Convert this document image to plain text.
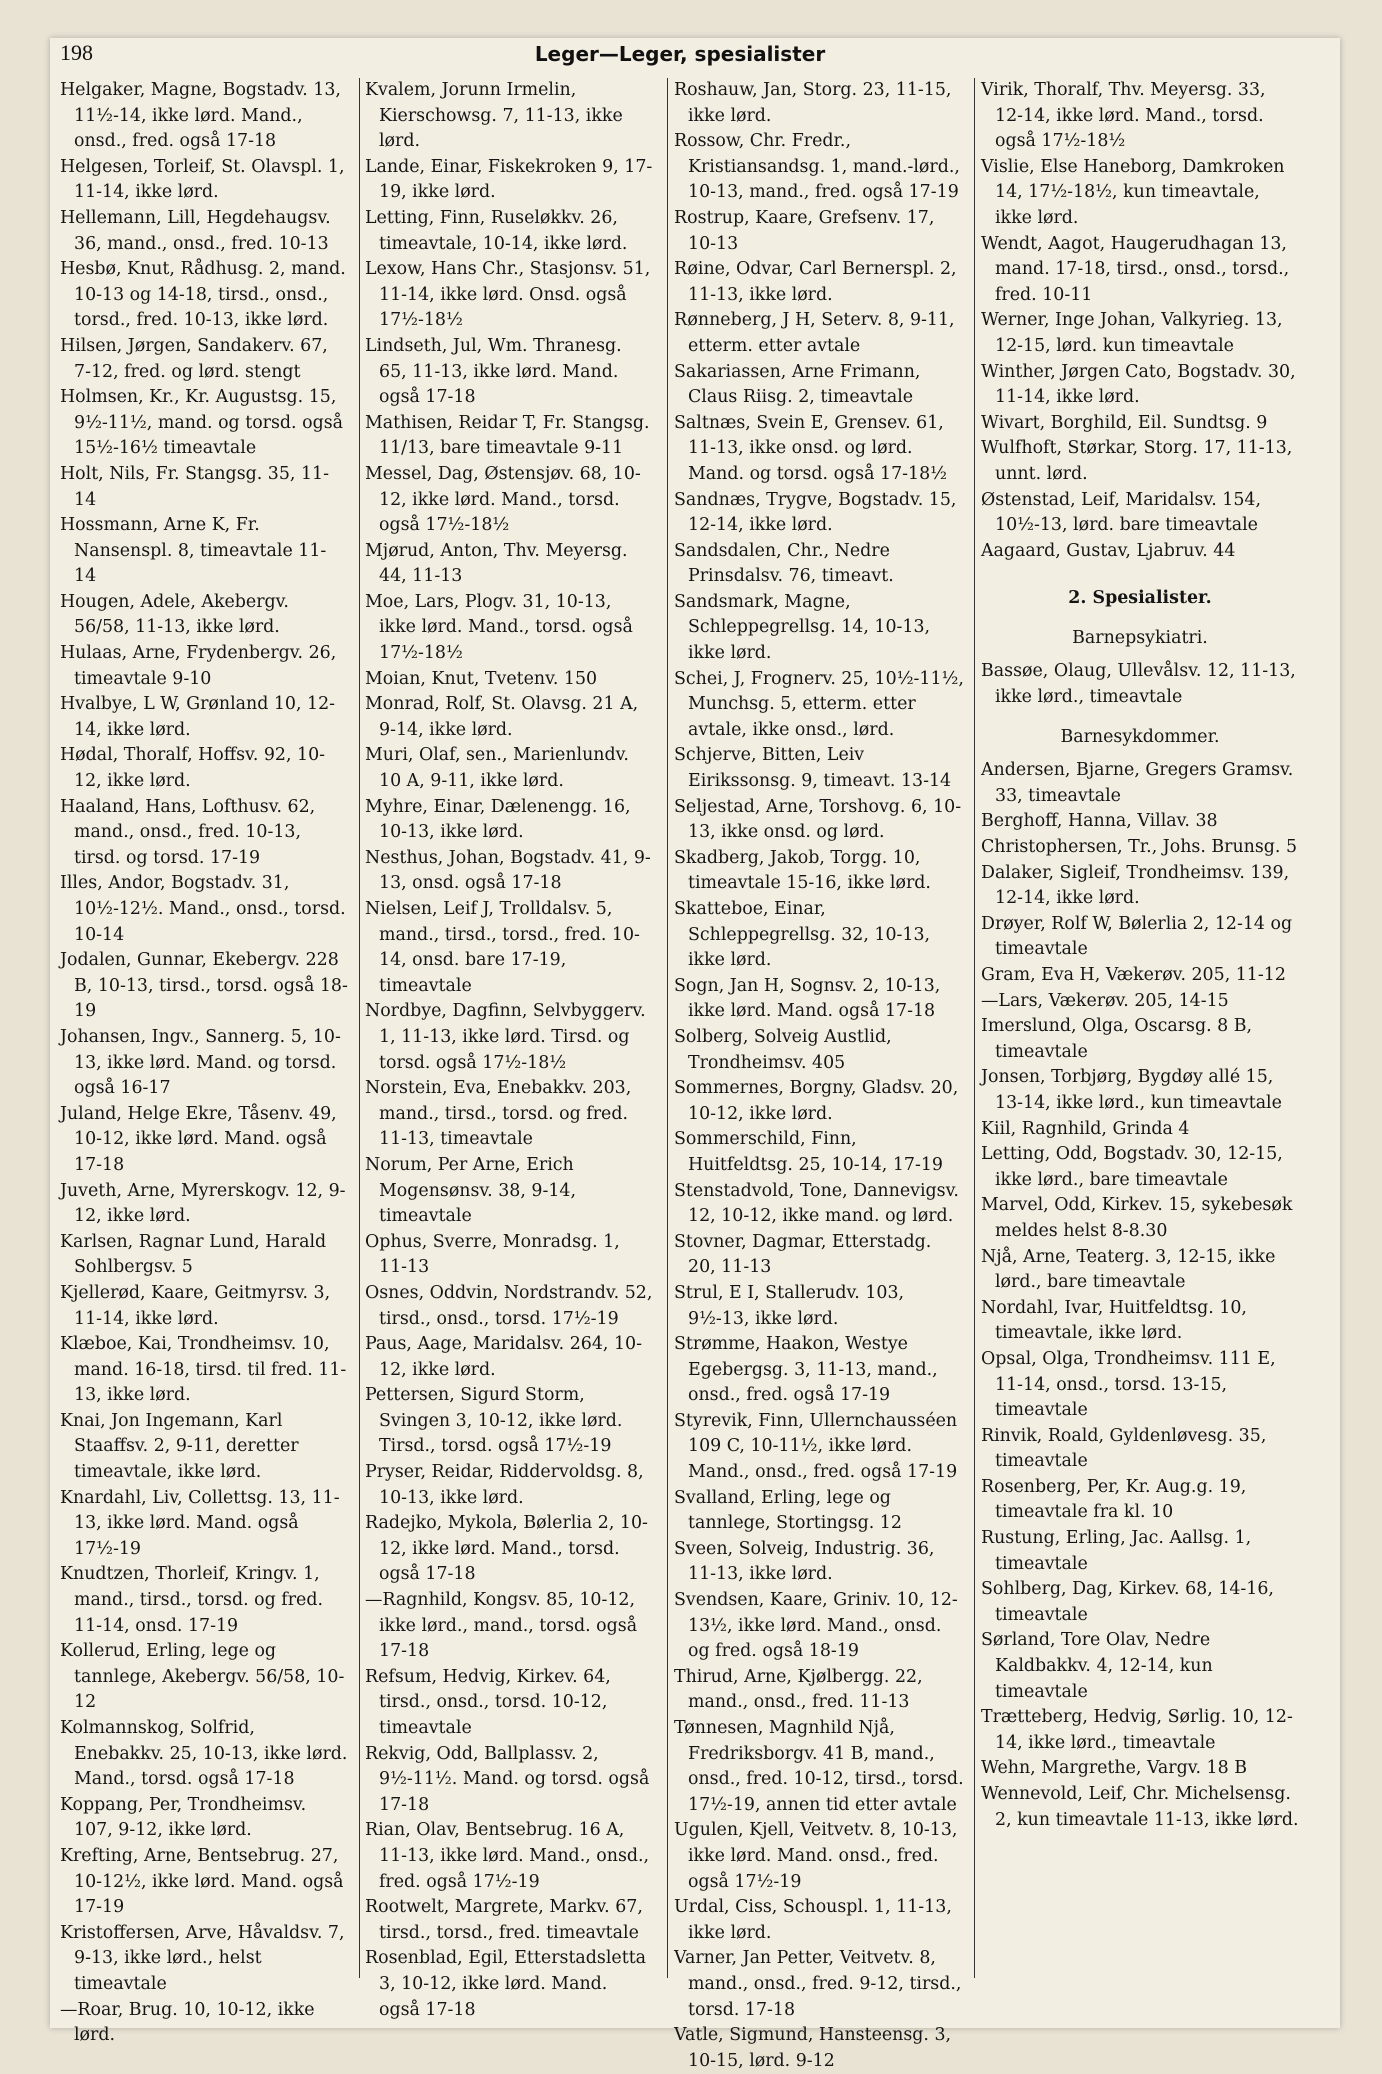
198	Leger—Leger, spesialister
Helgaker, Magne, Bogstadv. 13, 11½-14, ikke lørd. Mand., onsd., fred. også 17-18
Helgesen, Torleif, St. Olavspl. 1, 11-14, ikke lørd.
Hellemann, Lill, Hegdehaugsv. 36, mand., onsd., fred. 10-13
Hesbø, Knut, Rådhusg. 2, mand. 10-13 og 14-18, tirsd., onsd., torsd., fred. 10-13, ikke lørd.
Hilsen, Jørgen, Sandakerv. 67, 7-12, fred. og lørd. stengt
Holmsen, Kr., Kr. Augustsg. 15, 9½-11½, mand. og torsd. også 15½-16½ timeavtale
Holt, Nils, Fr. Stangsg. 35, 11-14
Hossmann, Arne K, Fr. Nansenspl. 8, timeavtale 11-14
Hougen, Adele, Akebergv. 56/58, 11-13, ikke lørd.
Hulaas, Arne, Frydenbergv. 26, timeavtale 9-10
Hvalbye, L W, Grønland 10, 12-14, ikke lørd.
Hødal, Thoralf, Hoffsv. 92, 10-12, ikke lørd.
Haaland, Hans, Lofthusv. 62, mand., onsd., fred. 10-13, tirsd. og torsd. 17-19
Illes, Andor, Bogstadv. 31, 10½-12½. Mand., onsd., torsd. 10-14
Jodalen, Gunnar, Ekebergv. 228 B, 10-13, tirsd., torsd. også 18-19
Johansen, Ingv., Sannerg. 5, 10-13, ikke lørd. Mand. og torsd. også 16-17
Juland, Helge Ekre, Tåsenv. 49, 10-12, ikke lørd. Mand. også 17-18
Juveth, Arne, Myrerskogv. 12, 9-12, ikke lørd.
Karlsen, Ragnar Lund, Harald Sohlbergsv. 5
Kjellerød, Kaare, Geitmyrsv. 3, 11-14, ikke lørd.
Klæboe, Kai, Trondheimsv. 10, mand. 16-18, tirsd. til fred. 11-13, ikke lørd.
Knai, Jon Ingemann, Karl Staaffsv. 2, 9-11, deretter timeavtale, ikke lørd.
Knardahl, Liv, Collettsg. 13, 11-13, ikke lørd. Mand. også 17½-19
Knudtzen, Thorleif, Kringv. 1, mand., tirsd., torsd. og fred. 11-14, onsd. 17-19
Kollerud, Erling, lege og tannlege, Akebergv. 56/58, 10-12
Kolmannskog, Solfrid, Enebakkv. 25, 10-13, ikke lørd. Mand., torsd. også 17-18
Koppang, Per, Trondheimsv. 107, 9-12, ikke lørd.
Krefting, Arne, Bentsebrug. 27, 10-12½, ikke lørd. Mand. også 17-19
Kristoffersen, Arve, Håvaldsv. 7, 9-13, ikke lørd., helst timeavtale
—Roar, Brug. 10, 10-12, ikke lørd.
Kvalem, Jorunn Irmelin, Kierschowsg. 7, 11-13, ikke lørd.
Lande, Einar, Fiskekroken 9, 17-19, ikke lørd.
Letting, Finn, Ruseløkkv. 26, timeavtale, 10-14, ikke lørd.
Lexow, Hans Chr., Stasjonsv. 51, 11-14, ikke lørd. Onsd. også 17½-18½
Lindseth, Jul, Wm. Thranesg. 65, 11-13, ikke lørd. Mand. også 17-18
Mathisen, Reidar T, Fr. Stangsg. 11/13, bare timeavtale 9-11
Messel, Dag, Østensjøv. 68, 10-12, ikke lørd. Mand., torsd. også 17½-18½
Mjørud, Anton, Thv. Meyersg. 44, 11-13
Moe, Lars, Plogv. 31, 10-13, ikke lørd. Mand., torsd. også 17½-18½
Moian, Knut, Tvetenv. 150
Monrad, Rolf, St. Olavsg. 21 A, 9-14, ikke lørd.
Muri, Olaf, sen., Marienlundv. 10 A, 9-11, ikke lørd.
Myhre, Einar, Dælenengg. 16, 10-13, ikke lørd.
Nesthus, Johan, Bogstadv. 41, 9-13, onsd. også 17-18
Nielsen, Leif J, Trolldalsv. 5, mand., tirsd., torsd., fred. 10-14, onsd. bare 17-19, timeavtale
Nordbye, Dagfinn, Selvbyggerv. 1, 11-13, ikke lørd. Tirsd. og torsd. også 17½-18½
Norstein, Eva, Enebakkv. 203, mand., tirsd., torsd. og fred. 11-13, timeavtale
Norum, Per Arne, Erich Mogensønsv. 38, 9-14, timeavtale
Ophus, Sverre, Monradsg. 1, 11-13
Osnes, Oddvin, Nordstrandv. 52, tirsd., onsd., torsd. 17½-19
Paus, Aage, Maridalsv. 264, 10-12, ikke lørd.
Pettersen, Sigurd Storm, Svingen 3, 10-12, ikke lørd. Tirsd., torsd. også 17½-19
Pryser, Reidar, Riddervoldsg. 8, 10-13, ikke lørd.
Radejko, Mykola, Bølerlia 2, 10-12, ikke lørd. Mand., torsd. også 17-18
—Ragnhild, Kongsv. 85, 10-12, ikke lørd., mand., torsd. også 17-18
Refsum, Hedvig, Kirkev. 64, tirsd., onsd., torsd. 10-12, timeavtale
Rekvig, Odd, Ballplassv. 2, 9½-11½. Mand. og torsd. også 17-18
Rian, Olav, Bentsebrug. 16 A, 11-13, ikke lørd. Mand., onsd., fred. også 17½-19
Rootwelt, Margrete, Markv. 67, tirsd., torsd., fred. timeavtale
Rosenblad, Egil, Etterstadsletta 3, 10-12, ikke lørd. Mand. også 17-18
Roshauw, Jan, Storg. 23, 11-15, ikke lørd.
Rossow, Chr. Fredr., Kristiansandsg. 1, mand.-lørd., 10-13, mand., fred. også 17-19
Rostrup, Kaare, Grefsenv. 17, 10-13
Røine, Odvar, Carl Bernerspl. 2, 11-13, ikke lørd.
Rønneberg, J H, Seterv. 8, 9-11, etterm. etter avtale
Sakariassen, Arne Frimann, Claus Riisg. 2, timeavtale
Saltnæs, Svein E, Grensev. 61, 11-13, ikke onsd. og lørd. Mand. og torsd. også 17-18½
Sandnæs, Trygve, Bogstadv. 15, 12-14, ikke lørd.
Sandsdalen, Chr., Nedre Prinsdalsv. 76, timeavt.
Sandsmark, Magne, Schleppegrellsg. 14, 10-13, ikke lørd.
Schei, J, Frognerv. 25, 10½-11½, Munchsg. 5, etterm. etter avtale, ikke onsd., lørd.
Schjerve, Bitten, Leiv Eirikssonsg. 9, timeavt. 13-14
Seljestad, Arne, Torshovg. 6, 10-13, ikke onsd. og lørd.
Skadberg, Jakob, Torgg. 10, timeavtale 15-16, ikke lørd.
Skatteboe, Einar, Schleppegrellsg. 32, 10-13, ikke lørd.
Sogn, Jan H, Sognsv. 2, 10-13, ikke lørd. Mand. også 17-18
Solberg, Solveig Austlid, Trondheimsv. 405
Sommernes, Borgny, Gladsv. 20, 10-12, ikke lørd.
Sommerschild, Finn, Huitfeldtsg. 25, 10-14, 17-19
Stenstadvold, Tone, Dannevigsv. 12, 10-12, ikke mand. og lørd.
Stovner, Dagmar, Etterstadg. 20, 11-13
Strul, E I, Stallerudv. 103, 9½-13, ikke lørd.
Strømme, Haakon, Westye Egebergsg. 3, 11-13, mand., onsd., fred. også 17-19
Styrevik, Finn, Ullernchausséen 109 C, 10-11½, ikke lørd. Mand., onsd., fred. også 17-19
Svalland, Erling, lege og tannlege, Stortingsg. 12
Sveen, Solveig, Industrig. 36, 11-13, ikke lørd.
Svendsen, Kaare, Griniv. 10, 12-13½, ikke lørd. Mand., onsd. og fred. også 18-19
Thirud, Arne, Kjølbergg. 22, mand., onsd., fred. 11-13
Tønnesen, Magnhild Njå, Fredriksborgv. 41 B, mand., onsd., fred. 10-12, tirsd., torsd. 17½-19, annen tid etter avtale
Ugulen, Kjell, Veitvetv. 8, 10-13, ikke lørd. Mand. onsd., fred. også 17½-19
Urdal, Ciss, Schouspl. 1, 11-13, ikke lørd.
Varner, Jan Petter, Veitvetv. 8, mand., onsd., fred. 9-12, tirsd., torsd. 17-18
Vatle, Sigmund, Hansteensg. 3, 10-15, lørd. 9-12
Virik, Thoralf, Thv. Meyersg. 33, 12-14, ikke lørd. Mand., torsd. også 17½-18½
Vislie, Else Haneborg, Damkroken 14, 17½-18½, kun timeavtale, ikke lørd.
Wendt, Aagot, Haugerudhagan 13, mand. 17-18, tirsd., onsd., torsd., fred. 10-11
Werner, Inge Johan, Valkyrieg. 13, 12-15, lørd. kun timeavtale
Winther, Jørgen Cato, Bogstadv. 30, 11-14, ikke lørd.
Wivart, Borghild, Eil. Sundtsg. 9
Wulfhoft, Størkar, Storg. 17, 11-13, unnt. lørd.
Østenstad, Leif, Maridalsv. 154, 10½-13, lørd. bare timeavtale
Aagaard, Gustav, Ljabruv. 44
2. Spesialister.
Barnepsykiatri.
Bassøe, Olaug, Ullevålsv. 12, 11-13, ikke lørd., timeavtale
Barnesykdommer.
Andersen, Bjarne, Gregers Gramsv. 33, timeavtale
Berghoff, Hanna, Villav. 38
Christophersen, Tr., Johs. Brunsg. 5
Dalaker, Sigleif, Trondheimsv. 139, 12-14, ikke lørd.
Drøyer, Rolf W, Bølerlia 2, 12-14 og timeavtale
Gram, Eva H, Vækerøv. 205, 11-12
—Lars, Vækerøv. 205, 14-15
Imerslund, Olga, Oscarsg. 8 B, timeavtale
Jonsen, Torbjørg, Bygdøy allé 15, 13-14, ikke lørd., kun timeavtale
Kiil, Ragnhild, Grinda 4
Letting, Odd, Bogstadv. 30, 12-15, ikke lørd., bare timeavtale
Marvel, Odd, Kirkev. 15, sykebesøk meldes helst 8-8.30
Njå, Arne, Teaterg. 3, 12-15, ikke lørd., bare timeavtale
Nordahl, Ivar, Huitfeldtsg. 10, timeavtale, ikke lørd.
Opsal, Olga, Trondheimsv. 111 E, 11-14, onsd., torsd. 13-15, timeavtale
Rinvik, Roald, Gyldenløvesg. 35, timeavtale
Rosenberg, Per, Kr. Aug.g. 19, timeavtale fra kl. 10
Rustung, Erling, Jac. Aallsg. 1, timeavtale
Sohlberg, Dag, Kirkev. 68, 14-16, timeavtale
Sørland, Tore Olav, Nedre Kaldbakkv. 4, 12-14, kun timeavtale
Trætteberg, Hedvig, Sørlig. 10, 12-14, ikke lørd., timeavtale
Wehn, Margrethe, Vargv. 18 B
Wennevold, Leif, Chr. Michelsensg. 2, kun timeavtale 11-13, ikke lørd.
